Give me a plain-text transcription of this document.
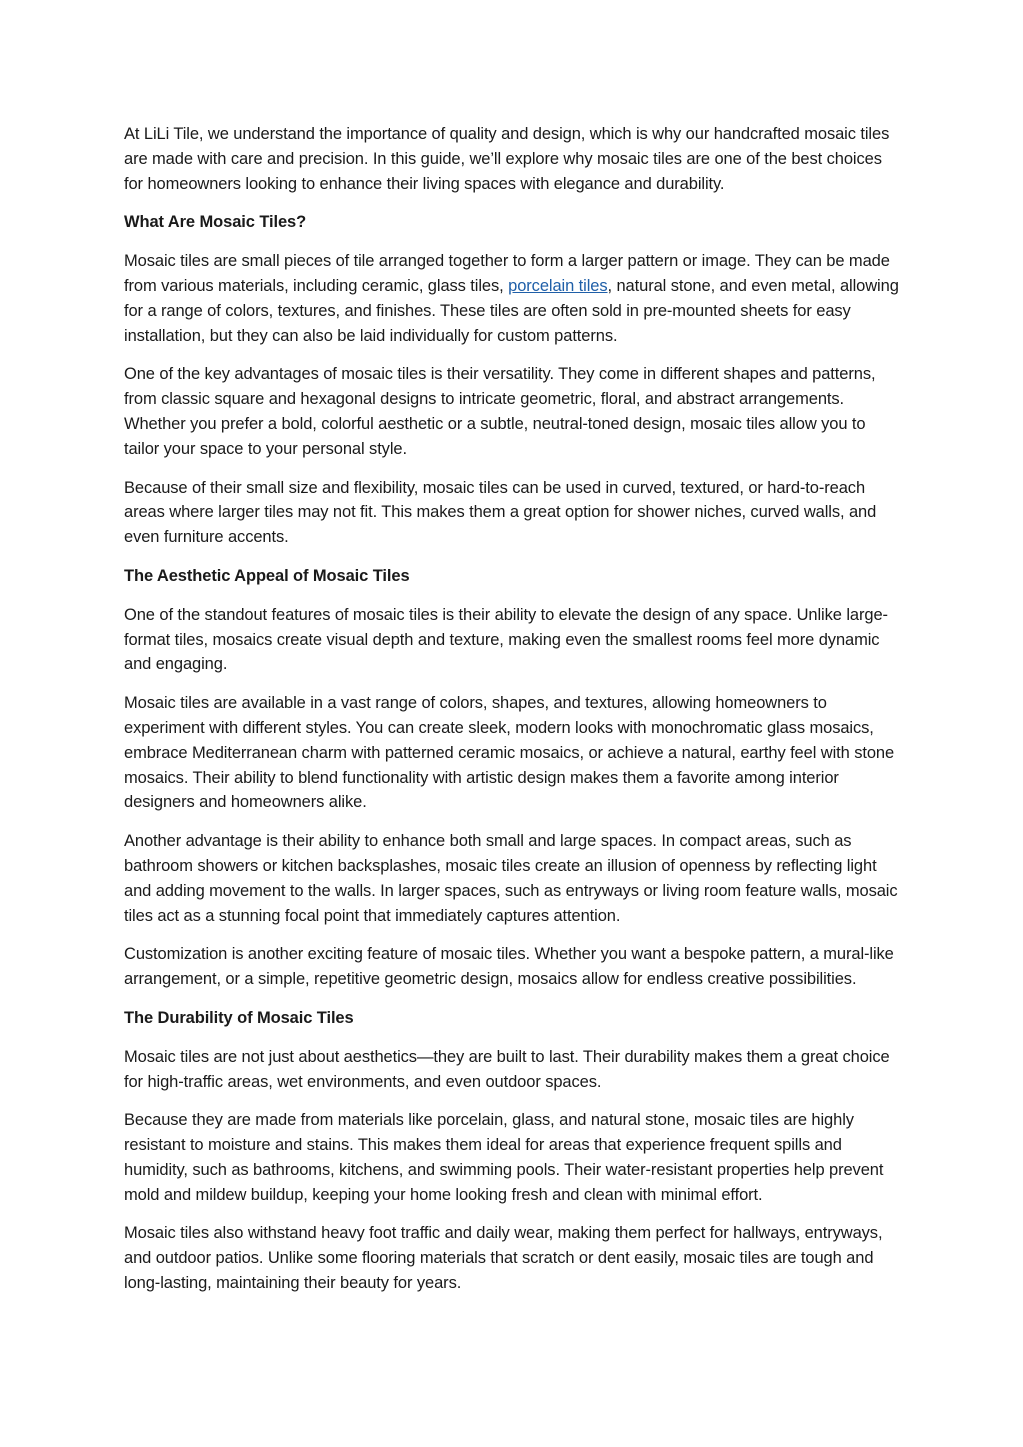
At LiLi Tile, we understand the importance of quality and design, which is why our handcrafted mosaic tiles are made with care and precision. In this guide, we’ll explore why mosaic tiles are one of the best choices for homeowners looking to enhance their living spaces with elegance and durability.

What Are Mosaic Tiles?

Mosaic tiles are small pieces of tile arranged together to form a larger pattern or image. They can be made from various materials, including ceramic, glass tiles, porcelain tiles, natural stone, and even metal, allowing for a range of colors, textures, and finishes. These tiles are often sold in pre-mounted sheets for easy installation, but they can also be laid individually for custom patterns.

One of the key advantages of mosaic tiles is their versatility. They come in different shapes and patterns, from classic square and hexagonal designs to intricate geometric, floral, and abstract arrangements. Whether you prefer a bold, colorful aesthetic or a subtle, neutral-toned design, mosaic tiles allow you to tailor your space to your personal style.

Because of their small size and flexibility, mosaic tiles can be used in curved, textured, or hard-to-reach areas where larger tiles may not fit. This makes them a great option for shower niches, curved walls, and even furniture accents.

The Aesthetic Appeal of Mosaic Tiles

One of the standout features of mosaic tiles is their ability to elevate the design of any space. Unlike large-format tiles, mosaics create visual depth and texture, making even the smallest rooms feel more dynamic and engaging.

Mosaic tiles are available in a vast range of colors, shapes, and textures, allowing homeowners to experiment with different styles. You can create sleek, modern looks with monochromatic glass mosaics, embrace Mediterranean charm with patterned ceramic mosaics, or achieve a natural, earthy feel with stone mosaics. Their ability to blend functionality with artistic design makes them a favorite among interior designers and homeowners alike.

Another advantage is their ability to enhance both small and large spaces. In compact areas, such as bathroom showers or kitchen backsplashes, mosaic tiles create an illusion of openness by reflecting light and adding movement to the walls. In larger spaces, such as entryways or living room feature walls, mosaic tiles act as a stunning focal point that immediately captures attention.

Customization is another exciting feature of mosaic tiles. Whether you want a bespoke pattern, a mural-like arrangement, or a simple, repetitive geometric design, mosaics allow for endless creative possibilities.

The Durability of Mosaic Tiles

Mosaic tiles are not just about aesthetics—they are built to last. Their durability makes them a great choice for high-traffic areas, wet environments, and even outdoor spaces.

Because they are made from materials like porcelain, glass, and natural stone, mosaic tiles are highly resistant to moisture and stains. This makes them ideal for areas that experience frequent spills and humidity, such as bathrooms, kitchens, and swimming pools. Their water-resistant properties help prevent mold and mildew buildup, keeping your home looking fresh and clean with minimal effort.

Mosaic tiles also withstand heavy foot traffic and daily wear, making them perfect for hallways, entryways, and outdoor patios. Unlike some flooring materials that scratch or dent easily, mosaic tiles are tough and long-lasting, maintaining their beauty for years.
